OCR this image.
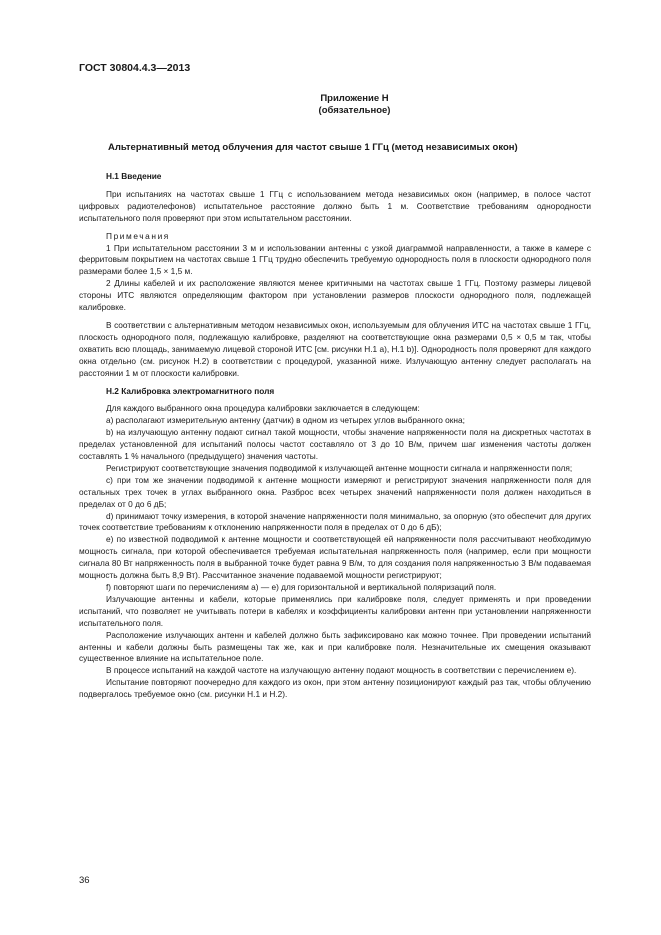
ГОСТ 30804.4.3—2013
Приложение Н
(обязательное)
Альтернативный метод облучения для частот свыше 1 ГГц (метод независимых окон)

Н.1 Введение

При испытаниях на частотах свыше 1 ГГц с использованием метода независимых окон (например, в полосе частот цифровых радиотелефонов) испытательное расстояние должно быть 1 м. Соответствие требованиям однородности испытательного поля проверяют при этом испытательном расстоянии.

Примечания

1 При испытательном расстоянии 3 м и использовании антенны с узкой диаграммой направленности, а также в камере с ферритовым покрытием на частотах свыше 1 ГГц трудно обеспечить требуемую однородность поля в плоскости однородного поля размерами более 1,5 × 1,5 м.

2 Длины кабелей и их расположение являются менее критичными на частотах свыше 1 ГГц. Поэтому размеры лицевой стороны ИТС являются определяющим фактором при установлении размеров плоскости однородного поля, подлежащей калибровке.

В соответствии с альтернативным методом независимых окон, используемым для облучения ИТС на частотах свыше 1 ГГц, плоскость однородного поля, подлежащую калибровке, разделяют на соответствующие окна размерами 0,5 × 0,5 м так, чтобы охватить всю площадь, занимаемую лицевой стороной ИТС [см. рисунки Н.1 а), Н.1 b)]. Однородность поля проверяют для каждого окна отдельно (см. рисунок Н.2) в соответствии с процедурой, указанной ниже. Излучающую антенну следует располагать на расстоянии 1 м от плоскости калибровки.

Н.2 Калибровка электромагнитного поля

Для каждого выбранного окна процедура калибровки заключается в следующем:

a) располагают измерительную антенну (датчик) в одном из четырех углов выбранного окна;

b) на излучающую антенну подают сигнал такой мощности, чтобы значение напряженности поля на дискретных частотах в пределах установленной для испытаний полосы частот составляло от 3 до 10 В/м, причем шаг изменения частоты должен составлять 1 % начального (предыдущего) значения частоты.

Регистрируют соответствующие значения подводимой к излучающей антенне мощности сигнала и напряженности поля;

c) при том же значении подводимой к антенне мощности измеряют и регистрируют значения напряженности поля для остальных трех точек в углах выбранного окна. Разброс всех четырех значений напряженности поля должен находиться в пределах от 0 до 6 дБ;

d) принимают точку измерения, в которой значение напряженности поля минимально, за опорную (это обеспечит для других точек соответствие требованиям к отклонению напряженности поля в пределах от 0 до 6 дБ);

e) по известной подводимой к антенне мощности и соответствующей ей напряженности поля рассчитывают необходимую мощность сигнала, при которой обеспечивается требуемая испытательная напряженность поля (например, если при мощности сигнала 80 Вт напряженность поля в выбранной точке будет равна 9 В/м, то для создания поля напряженностью 3 В/м подаваемая мощность должна быть 8,9 Вт). Рассчитанное значение подаваемой мощности регистрируют;

f) повторяют шаги по перечислениям а) — е) для горизонтальной и вертикальной поляризаций поля.

Излучающие антенны и кабели, которые применялись при калибровке поля, следует применять и при проведении испытаний, что позволяет не учитывать потери в кабелях и коэффициенты калибровки антенн при установлении напряженности испытательного поля.

Расположение излучающих антенн и кабелей должно быть зафиксировано как можно точнее. При проведении испытаний антенны и кабели должны быть размещены так же, как и при калибровке поля. Незначительные их смещения оказывают существенное влияние на испытательное поле.

В процессе испытаний на каждой частоте на излучающую антенну подают мощность в соответствии с перечислением е).

Испытание повторяют поочередно для каждого из окон, при этом антенну позиционируют каждый раз так, чтобы облучению подвергалось требуемое окно (см. рисунки Н.1 и Н.2).

36
